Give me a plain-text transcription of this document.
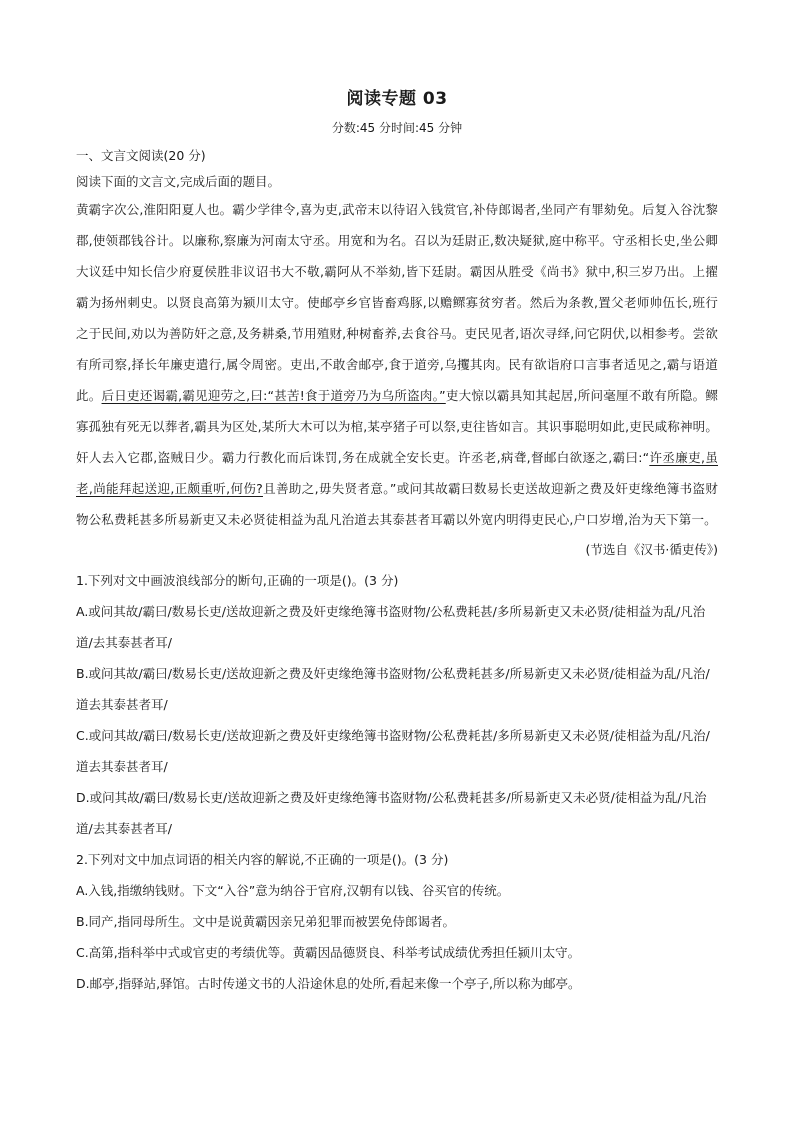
阅读专题 03
分数:45 分时间:45 分钟
一、文言文阅读(20 分)
阅读下面的文言文,完成后面的题目。
黄霸字次公,淮阳阳夏人也。霸少学律令,喜为吏,武帝末以待诏入钱赏官,补侍郎谒者,坐同产有罪劾免。后复入谷沈黎郡,使领郡钱谷计。以廉称,察廉为河南太守丞。用宽和为名。召以为廷尉正,数决疑狱,庭中称平。守丞相长史,坐公卿大议廷中知长信少府夏侯胜非议诏书大不敬,霸阿从不举劾,皆下廷尉。霸因从胜受《尚书》狱中,积三岁乃出。上擢霸为扬州刺史。以贤良高第为颍川太守。使邮亭乡官皆畜鸡豚,以赡鳏寡贫穷者。然后为条教,置父老师帅伍长,班行之于民间,劝以为善防奸之意,及务耕桑,节用殖财,种树畜养,去食谷马。吏民见者,语次寻绎,问它阴伏,以相参考。尝欲有所司察,择长年廉吏遣行,属令周密。吏出,不敢舍邮亭,食于道旁,乌攫其肉。民有欲诣府口言事者适见之,霸与语道此。后日吏还谒霸,霸见迎劳之,曰:“甚苦!食于道旁乃为乌所盗肉。”吏大惊以霸具知其起居,所问毫厘不敢有所隐。鳏寡孤独有死无以葬者,霸具为区处,某所大木可以为棺,某亭猪子可以祭,吏往皆如言。其识事聪明如此,吏民咸称神明。奸人去入它郡,盗贼日少。霸力行教化而后诛罚,务在成就全安长吏。许丞老,病聋,督邮白欲逐之,霸曰:“许丞廉吏,虽老,尚能拜起送迎,正颇重听,何伤?且善助之,毋失贤者意。”或问其故霸曰数易长吏送故迎新之费及奸吏缘绝簿书盗财物公私费耗甚多所易新吏又未必贤徒相益为乱凡治道去其泰甚者耳霸以外宽内明得吏民心,户口岁增,治为天下第一。
(节选自《汉书·循吏传》)
1.下列对文中画波浪线部分的断句,正确的一项是()。(3 分)
A.或问其故/霸曰/数易长吏/送故迎新之费及奸吏缘绝簿书盗财物/公私费耗甚/多所易新吏又未必贤/徒相益为乱/凡治道/去其泰甚者耳/
B.或问其故/霸曰/数易长吏/送故迎新之费及奸吏缘绝簿书盗财物/公私费耗甚多/所易新吏又未必贤/徒相益为乱/凡治/道去其泰甚者耳/
C.或问其故/霸曰/数易长吏/送故迎新之费及奸吏缘绝簿书盗财物/公私费耗甚/多所易新吏又未必贤/徒相益为乱/凡治/道去其泰甚者耳/
D.或问其故/霸曰/数易长吏/送故迎新之费及奸吏缘绝簿书盗财物/公私费耗甚多/所易新吏又未必贤/徒相益为乱/凡治道/去其泰甚者耳/
2.下列对文中加点词语的相关内容的解说,不正确的一项是()。(3 分)
A.入钱,指缴纳钱财。下文“入谷”意为纳谷于官府,汉朝有以钱、谷买官的传统。
B.同产,指同母所生。文中是说黄霸因亲兄弟犯罪而被罢免侍郎谒者。
C.高第,指科举中式或官吏的考绩优等。黄霸因品德贤良、科举考试成绩优秀担任颍川太守。
D.邮亭,指驿站,驿馆。古时传递文书的人沿途休息的处所,看起来像一个亭子,所以称为邮亭。
